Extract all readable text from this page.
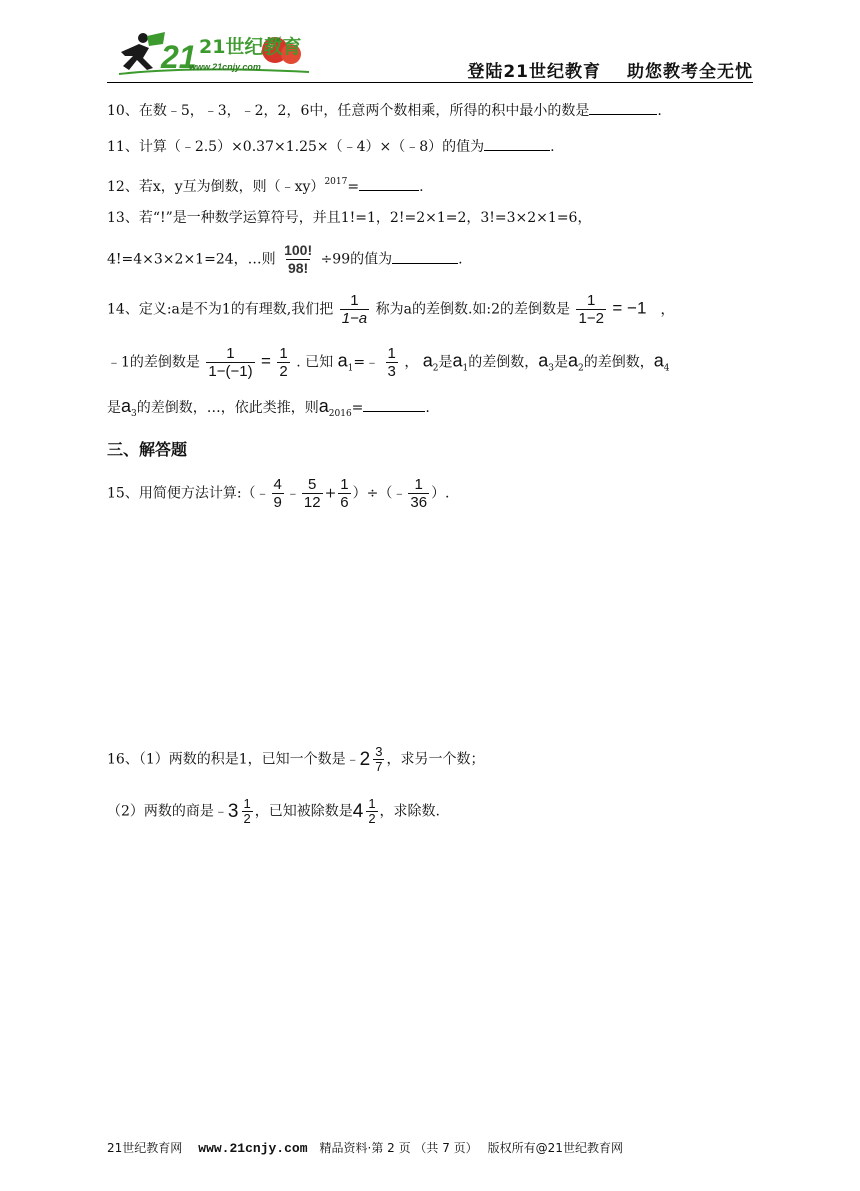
21 21世纪教育
www.21cnjy.com	登陆21世纪教育 助您教考全无忧
10、在数﹣5，﹣3，﹣2，2，6中，任意两个数相乘，所得的积中最小的数是	.
11、计算（﹣2.5）×0.37×1.25×（﹣4）×（﹣8）的值为	.
12、若x，y互为倒数，则（﹣xy）$^{2017}$=	.
13、若“!”是一种数学运算符号，并且1!=1，2!=2×1=2，3!=3×2×1=6，
4!=4×3×2×1=24，…则 $\frac{100!}{98!} \div 99$的值为	.
14、定义:a是不为1的有理数,我们把 $\frac{1}{1-a}$ 称为a的差倒数.如:2的差倒数是 $\frac{1}{1-2} = -1$ ，
﹣1的差倒数是 $\frac{1}{1-(-1)} = \frac{1}{2}$ . 已知 $a_1=﹣ \frac{1}{3}$ ， $a_2$是$a_1$的差倒数，$a_3$是$a_2$的差倒数，$a_4$
是$a_3$的差倒数，…，依此类推，则$a_{2016}=$	.
三、解答题
15、用简便方法计算:（﹣ $\frac{4}{9}$ ﹣ $\frac{5}{12} + \frac{1}{6}$ ）÷（﹣ $\frac{1}{36}$ ）.
16、（1）两数的积是1，已知一个数是﹣ $2 \frac{3}{7}$ ，求另一个数；
（2）两数的商是﹣ $3 \frac{1}{2}$ ，已知被除数是 $4 \frac{1}{2}$ ，求除数.
21世纪教育网 www.21cnjy.com 精品资料·第 2 页 （共 7 页） 版权所有@21世纪教育网
